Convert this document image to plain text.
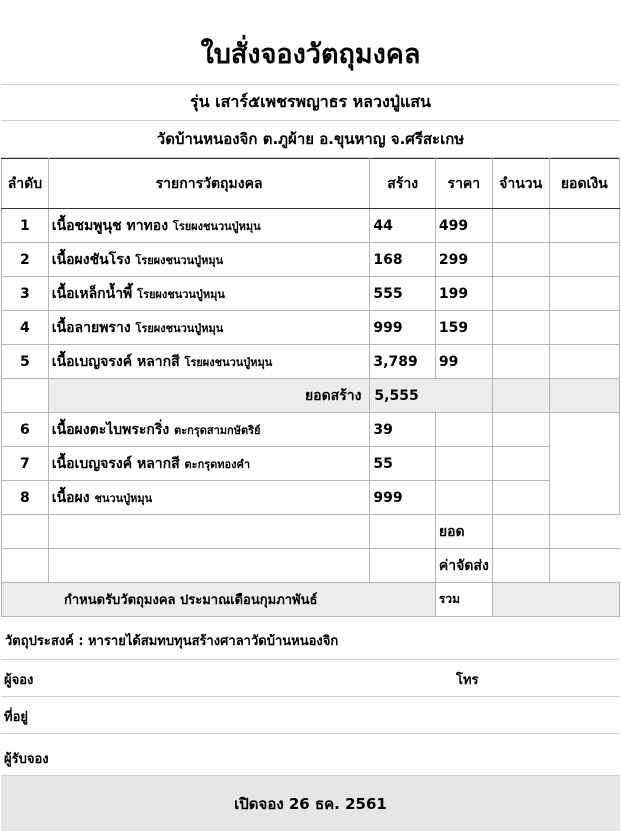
ใบสั่งจองวัตถุมงคล
รุ่น เสาร์๕เพชรพญาธร หลวงปู่แสน
วัดบ้านหนองจิก ต.ภูผ้าย อ.ขุนหาญ จ.ศรีสะเกษ
ลำดับ	รายการวัตถุมงคล	สร้าง	ราคา	จำนวน	ยอดเงิน
1	เนื้อชมพูนุช ทาทอง โรยผงชนวนปู่หมุน	44	499		
2	เนื้อผงชันโรง โรยผงชนวนปู่หมุน	168	299		
3	เนื้อเหล็กน้ำพี้ โรยผงชนวนปู่หมุน	555	199		
4	เนื้อลายพราง โรยผงชนวนปู่หมุน	999	159		
5	เนื้อเบญจรงค์ หลากสี โรยผงชนวนปู่หมุน	3,789	99		
	ยอดสร้าง	5,555			
6	เนื้อผงตะไบพระกริ่ง ตะกรุดสามกษัตริย์	39			
7	เนื้อเบญจรงค์ หลากสี ตะกรุดทองคำ	55			
8	เนื้อผง ชนวนปู่หมุน	999			
			ยอด		
			ค่าจัดส่ง		
กำหนดรับวัตถุมงคล ประมาณเดือนกุมภาพันธ์			รวม		
วัตถุประสงค์ : หารายได้สมทบทุนสร้างศาลาวัดบ้านหนองจิก
ผู้จอง	โทร
ที่อยู่
ผู้รับจอง
เปิดจอง 26 ธค. 2561
